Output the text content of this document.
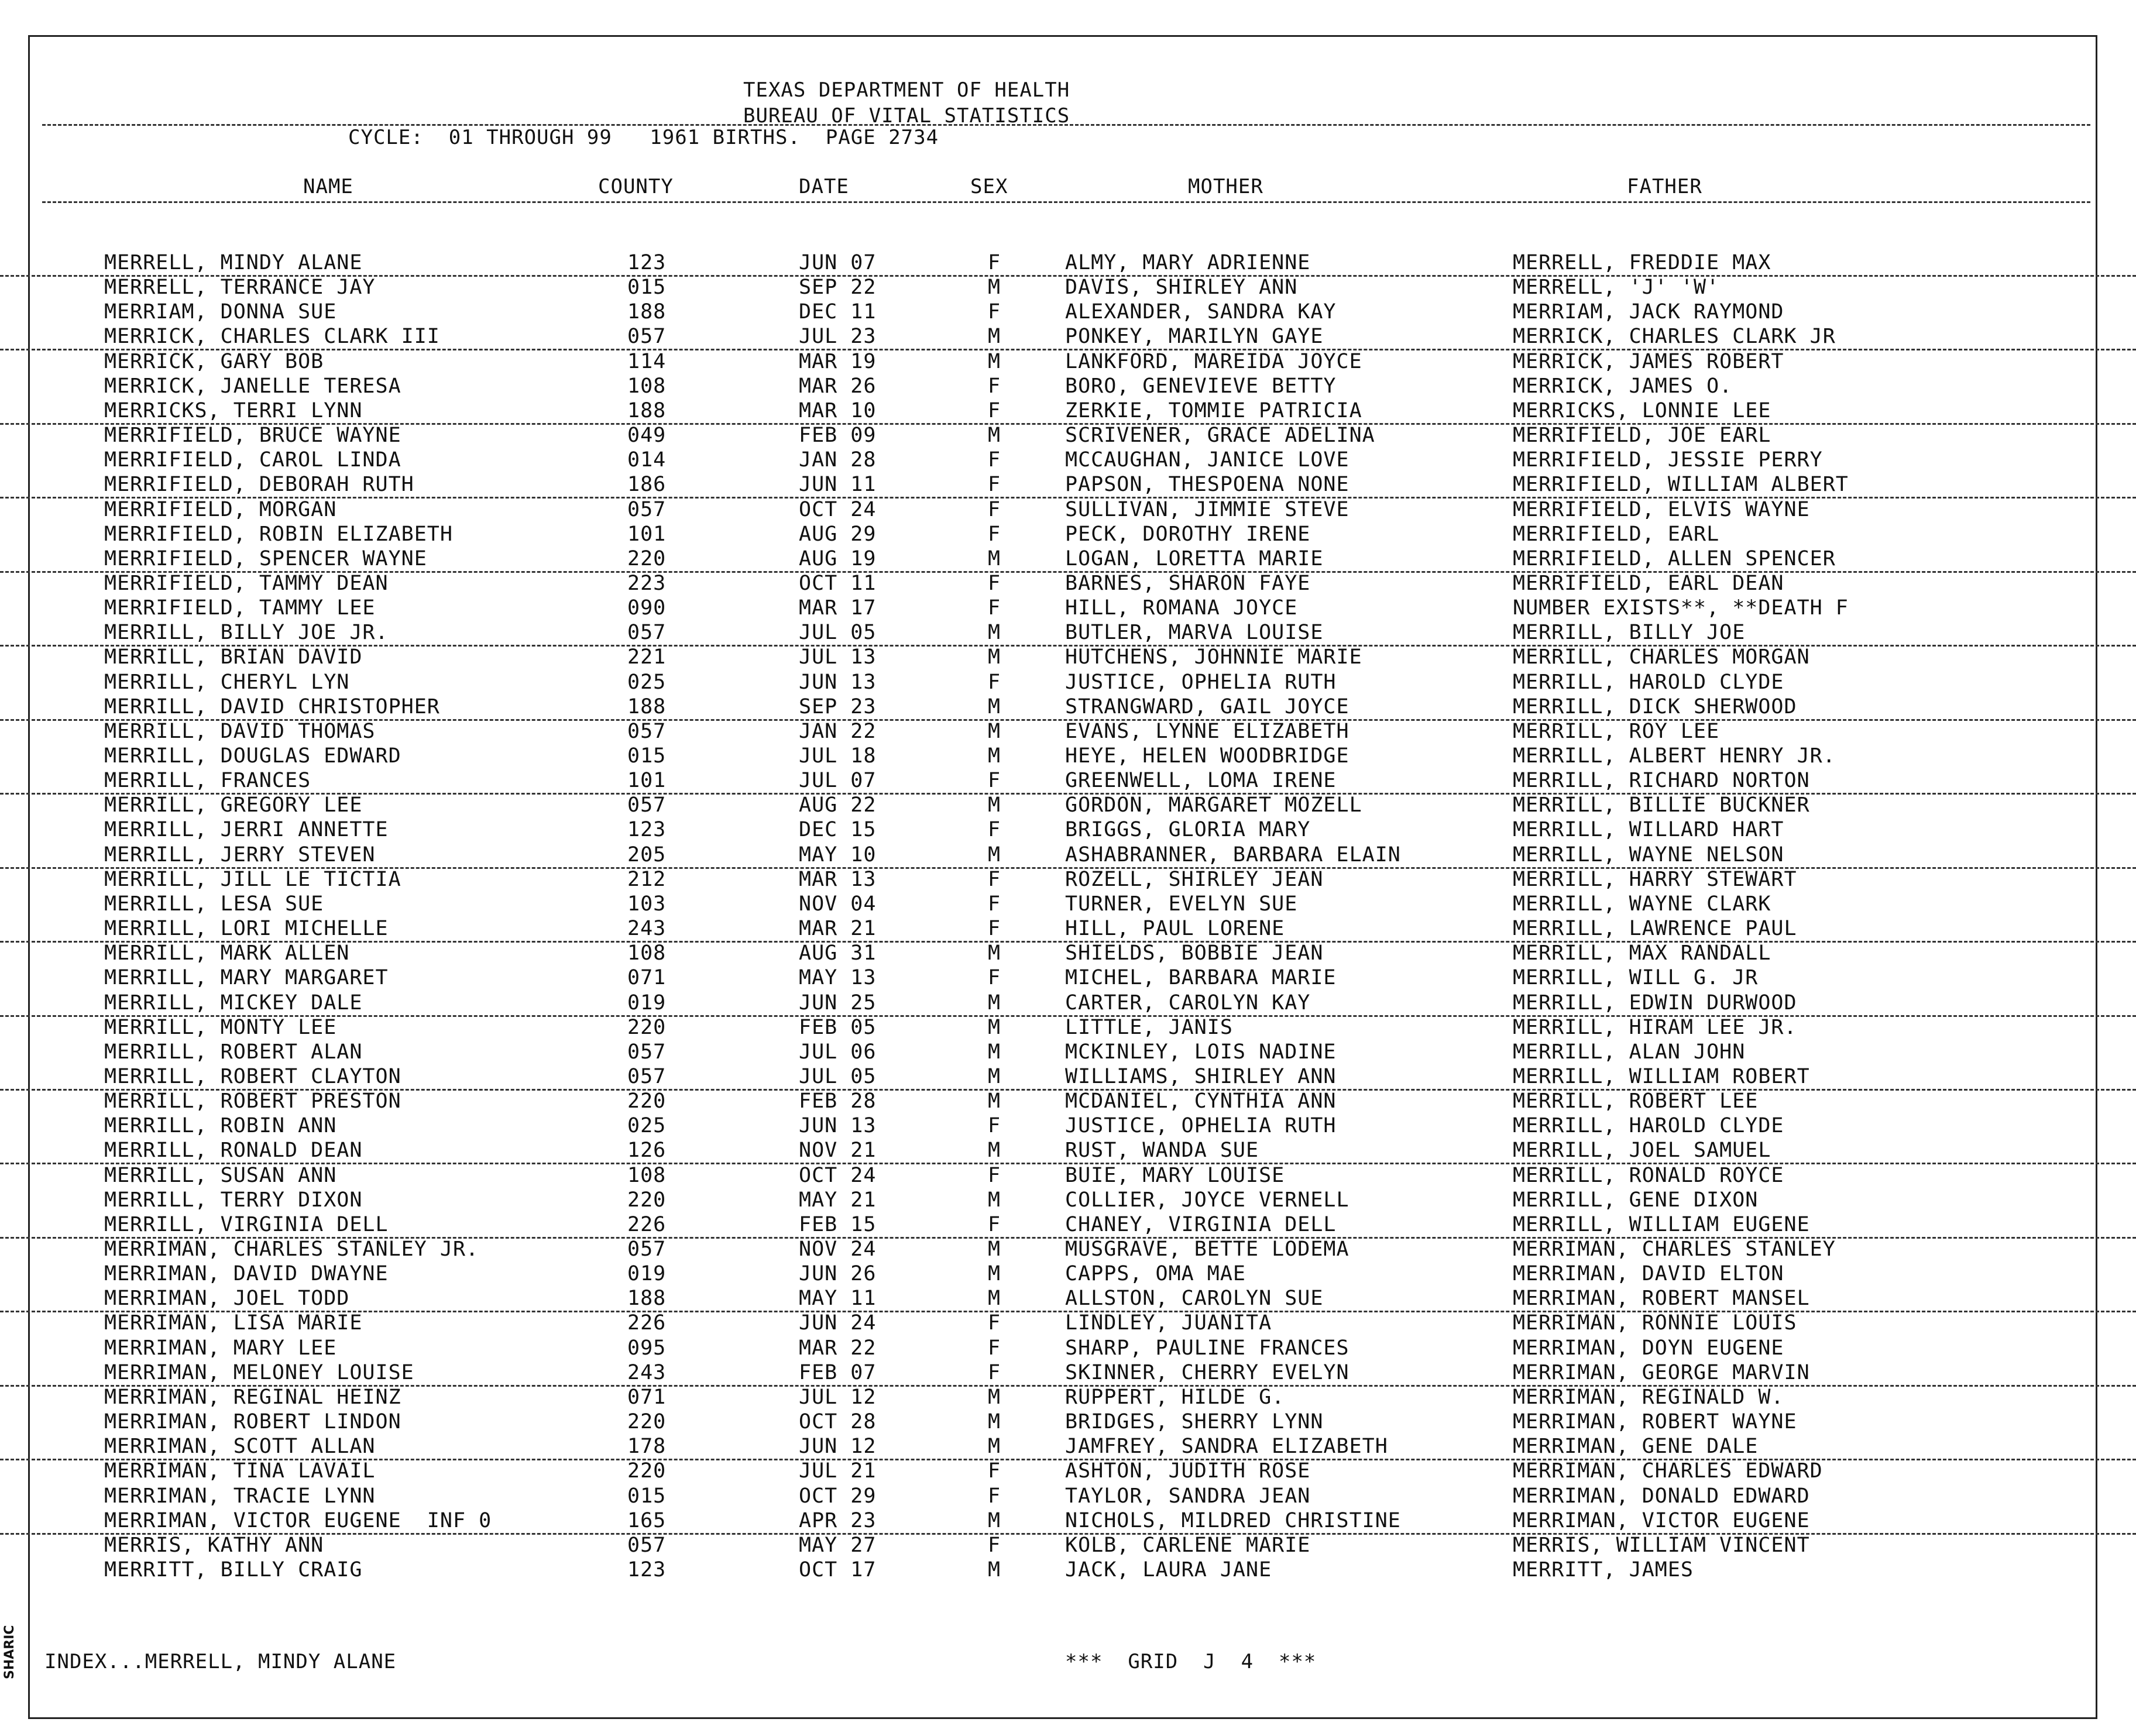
TEXAS DEPARTMENT OF HEALTH
BUREAU OF VITAL STATISTICS
CYCLE:  01 THROUGH 99   1961 BIRTHS.  PAGE 2734
NAME	COUNTY	DATE	SEX	MOTHER	FATHER
MERRELL, MINDY ALANE	123	JUN 07	F	ALMY, MARY ADRIENNE	MERRELL, FREDDIE MAX
MERRELL, TERRANCE JAY	015	SEP 22	M	DAVIS, SHIRLEY ANN	MERRELL, 'J' 'W'
MERRIAM, DONNA SUE	188	DEC 11	F	ALEXANDER, SANDRA KAY	MERRIAM, JACK RAYMOND
MERRICK, CHARLES CLARK III	057	JUL 23	M	PONKEY, MARILYN GAYE	MERRICK, CHARLES CLARK JR
MERRICK, GARY BOB	114	MAR 19	M	LANKFORD, MAREIDA JOYCE	MERRICK, JAMES ROBERT
MERRICK, JANELLE TERESA	108	MAR 26	F	BORO, GENEVIEVE BETTY	MERRICK, JAMES O.
MERRICKS, TERRI LYNN	188	MAR 10	F	ZERKIE, TOMMIE PATRICIA	MERRICKS, LONNIE LEE
MERRIFIELD, BRUCE WAYNE	049	FEB 09	M	SCRIVENER, GRACE ADELINA	MERRIFIELD, JOE EARL
MERRIFIELD, CAROL LINDA	014	JAN 28	F	MCCAUGHAN, JANICE LOVE	MERRIFIELD, JESSIE PERRY
MERRIFIELD, DEBORAH RUTH	186	JUN 11	F	PAPSON, THESPOENA NONE	MERRIFIELD, WILLIAM ALBERT
MERRIFIELD, MORGAN	057	OCT 24	F	SULLIVAN, JIMMIE STEVE	MERRIFIELD, ELVIS WAYNE
MERRIFIELD, ROBIN ELIZABETH	101	AUG 29	F	PECK, DOROTHY IRENE	MERRIFIELD, EARL
MERRIFIELD, SPENCER WAYNE	220	AUG 19	M	LOGAN, LORETTA MARIE	MERRIFIELD, ALLEN SPENCER
MERRIFIELD, TAMMY DEAN	223	OCT 11	F	BARNES, SHARON FAYE	MERRIFIELD, EARL DEAN
MERRIFIELD, TAMMY LEE	090	MAR 17	F	HILL, ROMANA JOYCE	NUMBER EXISTS**, **DEATH F
MERRILL, BILLY JOE JR.	057	JUL 05	M	BUTLER, MARVA LOUISE	MERRILL, BILLY JOE
MERRILL, BRIAN DAVID	221	JUL 13	M	HUTCHENS, JOHNNIE MARIE	MERRILL, CHARLES MORGAN
MERRILL, CHERYL LYN	025	JUN 13	F	JUSTICE, OPHELIA RUTH	MERRILL, HAROLD CLYDE
MERRILL, DAVID CHRISTOPHER	188	SEP 23	M	STRANGWARD, GAIL JOYCE	MERRILL, DICK SHERWOOD
MERRILL, DAVID THOMAS	057	JAN 22	M	EVANS, LYNNE ELIZABETH	MERRILL, ROY LEE
MERRILL, DOUGLAS EDWARD	015	JUL 18	M	HEYE, HELEN WOODBRIDGE	MERRILL, ALBERT HENRY JR.
MERRILL, FRANCES	101	JUL 07	F	GREENWELL, LOMA IRENE	MERRILL, RICHARD NORTON
MERRILL, GREGORY LEE	057	AUG 22	M	GORDON, MARGARET MOZELL	MERRILL, BILLIE BUCKNER
MERRILL, JERRI ANNETTE	123	DEC 15	F	BRIGGS, GLORIA MARY	MERRILL, WILLARD HART
MERRILL, JERRY STEVEN	205	MAY 10	M	ASHABRANNER, BARBARA ELAIN	MERRILL, WAYNE NELSON
MERRILL, JILL LE TICTIA	212	MAR 13	F	ROZELL, SHIRLEY JEAN	MERRILL, HARRY STEWART
MERRILL, LESA SUE	103	NOV 04	F	TURNER, EVELYN SUE	MERRILL, WAYNE CLARK
MERRILL, LORI MICHELLE	243	MAR 21	F	HILL, PAUL LORENE	MERRILL, LAWRENCE PAUL
MERRILL, MARK ALLEN	108	AUG 31	M	SHIELDS, BOBBIE JEAN	MERRILL, MAX RANDALL
MERRILL, MARY MARGARET	071	MAY 13	F	MICHEL, BARBARA MARIE	MERRILL, WILL G. JR
MERRILL, MICKEY DALE	019	JUN 25	M	CARTER, CAROLYN KAY	MERRILL, EDWIN DURWOOD
MERRILL, MONTY LEE	220	FEB 05	M	LITTLE, JANIS	MERRILL, HIRAM LEE JR.
MERRILL, ROBERT ALAN	057	JUL 06	M	MCKINLEY, LOIS NADINE	MERRILL, ALAN JOHN
MERRILL, ROBERT CLAYTON	057	JUL 05	M	WILLIAMS, SHIRLEY ANN	MERRILL, WILLIAM ROBERT
MERRILL, ROBERT PRESTON	220	FEB 28	M	MCDANIEL, CYNTHIA ANN	MERRILL, ROBERT LEE
MERRILL, ROBIN ANN	025	JUN 13	F	JUSTICE, OPHELIA RUTH	MERRILL, HAROLD CLYDE
MERRILL, RONALD DEAN	126	NOV 21	M	RUST, WANDA SUE	MERRILL, JOEL SAMUEL
MERRILL, SUSAN ANN	108	OCT 24	F	BUIE, MARY LOUISE	MERRILL, RONALD ROYCE
MERRILL, TERRY DIXON	220	MAY 21	M	COLLIER, JOYCE VERNELL	MERRILL, GENE DIXON
MERRILL, VIRGINIA DELL	226	FEB 15	F	CHANEY, VIRGINIA DELL	MERRILL, WILLIAM EUGENE
MERRIMAN, CHARLES STANLEY JR.	057	NOV 24	M	MUSGRAVE, BETTE LODEMA	MERRIMAN, CHARLES STANLEY
MERRIMAN, DAVID DWAYNE	019	JUN 26	M	CAPPS, OMA MAE	MERRIMAN, DAVID ELTON
MERRIMAN, JOEL TODD	188	MAY 11	M	ALLSTON, CAROLYN SUE	MERRIMAN, ROBERT MANSEL
MERRIMAN, LISA MARIE	226	JUN 24	F	LINDLEY, JUANITA	MERRIMAN, RONNIE LOUIS
MERRIMAN, MARY LEE	095	MAR 22	F	SHARP, PAULINE FRANCES	MERRIMAN, DOYN EUGENE
MERRIMAN, MELONEY LOUISE	243	FEB 07	F	SKINNER, CHERRY EVELYN	MERRIMAN, GEORGE MARVIN
MERRIMAN, REGINAL HEINZ	071	JUL 12	M	RUPPERT, HILDE G.	MERRIMAN, REGINALD W.
MERRIMAN, ROBERT LINDON	220	OCT 28	M	BRIDGES, SHERRY LYNN	MERRIMAN, ROBERT WAYNE
MERRIMAN, SCOTT ALLAN	178	JUN 12	M	JAMFREY, SANDRA ELIZABETH	MERRIMAN, GENE DALE
MERRIMAN, TINA LAVAIL	220	JUL 21	F	ASHTON, JUDITH ROSE	MERRIMAN, CHARLES EDWARD
MERRIMAN, TRACIE LYNN	015	OCT 29	F	TAYLOR, SANDRA JEAN	MERRIMAN, DONALD EDWARD
MERRIMAN, VICTOR EUGENE  INF 0	165	APR 23	M	NICHOLS, MILDRED CHRISTINE	MERRIMAN, VICTOR EUGENE
MERRIS, KATHY ANN	057	MAY 27	F	KOLB, CARLENE MARIE	MERRIS, WILLIAM VINCENT
MERRITT, BILLY CRAIG	123	OCT 17	M	JACK, LAURA JANE	MERRITT, JAMES
INDEX...MERRELL, MINDY ALANE	***  GRID  J  4  ***
SHARIC
